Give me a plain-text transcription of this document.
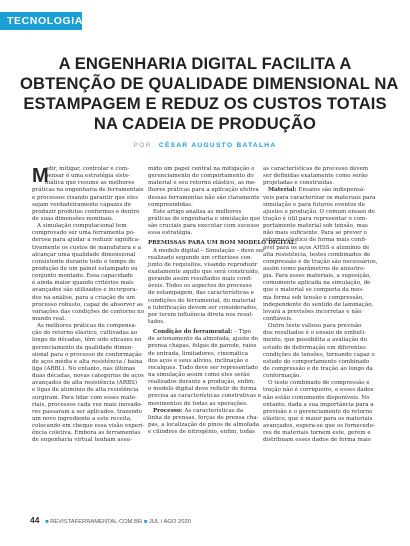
TECNOLOGIA
A ENGENHARIA DIGITAL FACILITA A
OBTENÇÃO DE QUALIDADE DIMENSIONAL NA
ESTAMPAGEM E REDUZ OS CUSTOS TOTAIS
NA CADEIA DE PRODUÇÃO
POR CÉSAR AUGUSTO BATALHA
M
edir, mitigar, controlar e com-
pensar é uma estratégia siste-
mática que resume as melhores
práticas na engenharia de ferramentais
e processos visando garantir que eles
sejam verdadeiramente capazes de
produzir produtos conformes e dentro
de suas dimensões nominais.
A simulação computacional tem
comprovado ser uma ferramenta po-
derosa para ajudar a reduzir significa-
tivamente os custos de manufatura e a
alcançar uma qualidade dimensional
consistente durante todo o tempo de
produção de um painel estampado ou
conjunto montado. Essa capacidade
é ainda maior quando critérios mais
avançados são utilizados e incorpora-
dos na análise, para a criação de um
processo robusto, capaz de absorver as
variações das condições de contorno no
mundo real.
As melhores práticas de compensa-
ção do retorno elástico, cultivadas ao
longo de décadas, têm sido eficazes no
gerenciamento da qualidade dimen-
sional para o processo de conformação
de aços média e alta resistência / baixa
liga (ARBL). No entanto, nas últimas
duas décadas, novas categorias de aços
avançados de alta resistência (ARBS)
e ligas de alumínio de alta resistência
surgiram. Para lidar com esses mate-
riais, processos cada vez mais inovado-
res passaram a ser aplicados, trazendo
um novo ingrediente a este receita,
colocando em cheque essa visão experi-
ência coletiva. Embora as ferramentas
de engenharia virtual tenham assu-
mido um papel central na mitigação e
gerenciamento do comportamento do
material e seu retorno elástico, as me-
lhores práticas para a aplicação efetiva
dessas ferramentas não são claramente
compreendidas.
Este artigo analisa as melhores
práticas de engenharia e simulação que
são cruciais para executar com sucesso
essa estratégia.
PREMISSAS PARA UM BOM MODELO DIGITAL:
A modelo digital – Simulação – deve ser
realizado segundo um criterioso con-
junto de requisitos, visando reproduzir
exatamente aquilo que será construído,
gerando assim resultados mais confi-
áveis. Todos os aspectos do processo
de estampagem, das características e
condições do ferramental, do material
e lubrificação devem ser considerados,
por terem influência direta nos resul-
tados.
Condição do ferramental: – Tipo
de acionamento da almofada, ajuste do
prensa chapas, folgas de parede, raios
de entrada, limitadores, cinemática
dos aços e seus alívios, inclinação e
recalques. Tudo deve ser representado
na simulação assim como eles serão
realizados durante a produção, enfim,
o modelo digital deve refletir de forma
precisa as características construtivas e
movimentos de todas as operações.
Processo: As características da
linha de prensas, forças de prensa cha-
pas, a localização de pinos de almofada
e cilindros de nitrogênio, enfim, todas
as características de processo devem
ser definidas exatamente como serão
projetadas e construídas.
Material: Ensaios são indispensá-
veis para caracterizar os materiais para
simulação e para futuros eventos de
ajustes e produção. O comum ensaio de
tração é útil para representar o com-
portamento material sob tensão, mas
não mais suficiente. Para se prever o
retorno elástico de forma mais confi-
ável para os aços AHSS e alumínio de
alta resistência, testes combinados de
compressão e de tração são necessários,
assim como parâmetros de anisotro-
pia. Para esses materiais, a suposição,
comumente aplicada na simulação, de
que o material se comporta da mes-
ma forma sob tensão e compressão,
independente do sentido de laminação,
levará a previsões incorretas e não
confiáveis.
Outro teste valioso para previsão
dos resultados é o ensaio de embuti-
mento, que possibilita a avaliação do
estudo de deformação em diferentes
condições de tensões, tornando capaz o
estudo do comportamento combinado
de compressão e de tração ao longo da
conformação.
O teste combinado de compressão e
tração não é corriqueiro, e esses dados
não estão comumente disponíveis. No
entanto, dada a sua importância para a
previsão e o gerenciamento do retorno
elástico, que é maior para os materiais
avançados, espera-se que os fornecedo-
res de materiais tornem este, gerem e
distribuam esses dados de forma mais
44 ■ REVISTAFERRAMENTAL.COM.BR ■ JUL / AGO 2020
